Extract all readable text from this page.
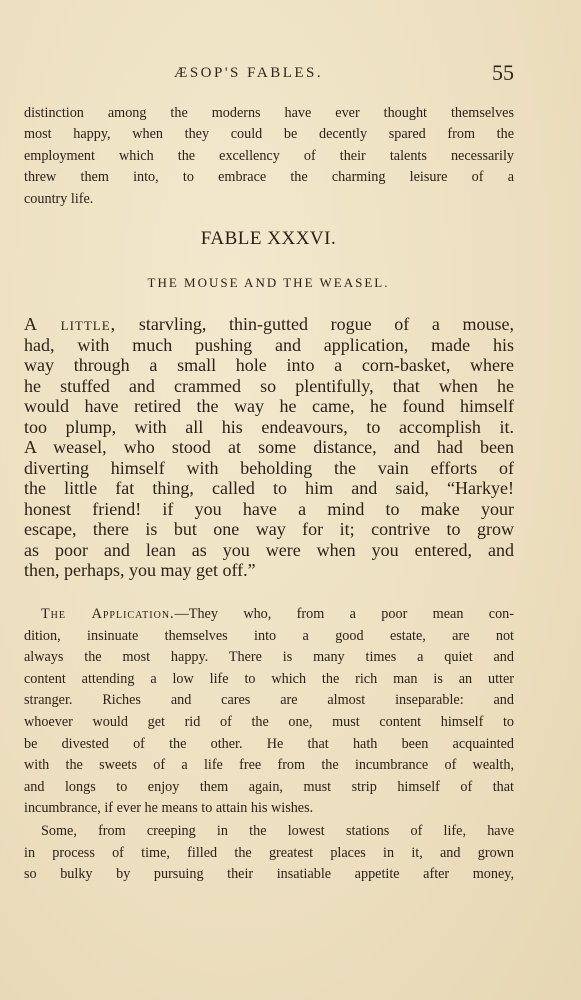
ÆSOP'S FABLES.	55
distinction among the moderns have ever thought themselves
most happy, when they could be decently spared from the
employment which the excellency of their talents necessarily
threw them into, to embrace the charming leisure of a
country life.
FABLE XXXVI.
THE MOUSE AND THE WEASEL.
A little, starvling, thin-gutted rogue of a mouse,
had, with much pushing and application, made his
way through a small hole into a corn-basket, where
he stuffed and crammed so plentifully, that when he
would have retired the way he came, he found himself
too plump, with all his endeavours, to accomplish it.
A weasel, who stood at some distance, and had been
diverting himself with beholding the vain efforts of
the little fat thing, called to him and said, “Harkye!
honest friend! if you have a mind to make your
escape, there is but one way for it; contrive to grow
as poor and lean as you were when you entered, and
then, perhaps, you may get off.”
The Application.—They who, from a poor mean con-
dition, insinuate themselves into a good estate, are not
always the most happy. There is many times a quiet and
content attending a low life to which the rich man is an utter
stranger. Riches and cares are almost inseparable: and
whoever would get rid of the one, must content himself to
be divested of the other. He that hath been acquainted
with the sweets of a life free from the incumbrance of wealth,
and longs to enjoy them again, must strip himself of that
incumbrance, if ever he means to attain his wishes.
Some, from creeping in the lowest stations of life, have
in process of time, filled the greatest places in it, and grown
so bulky by pursuing their insatiable appetite after money,
